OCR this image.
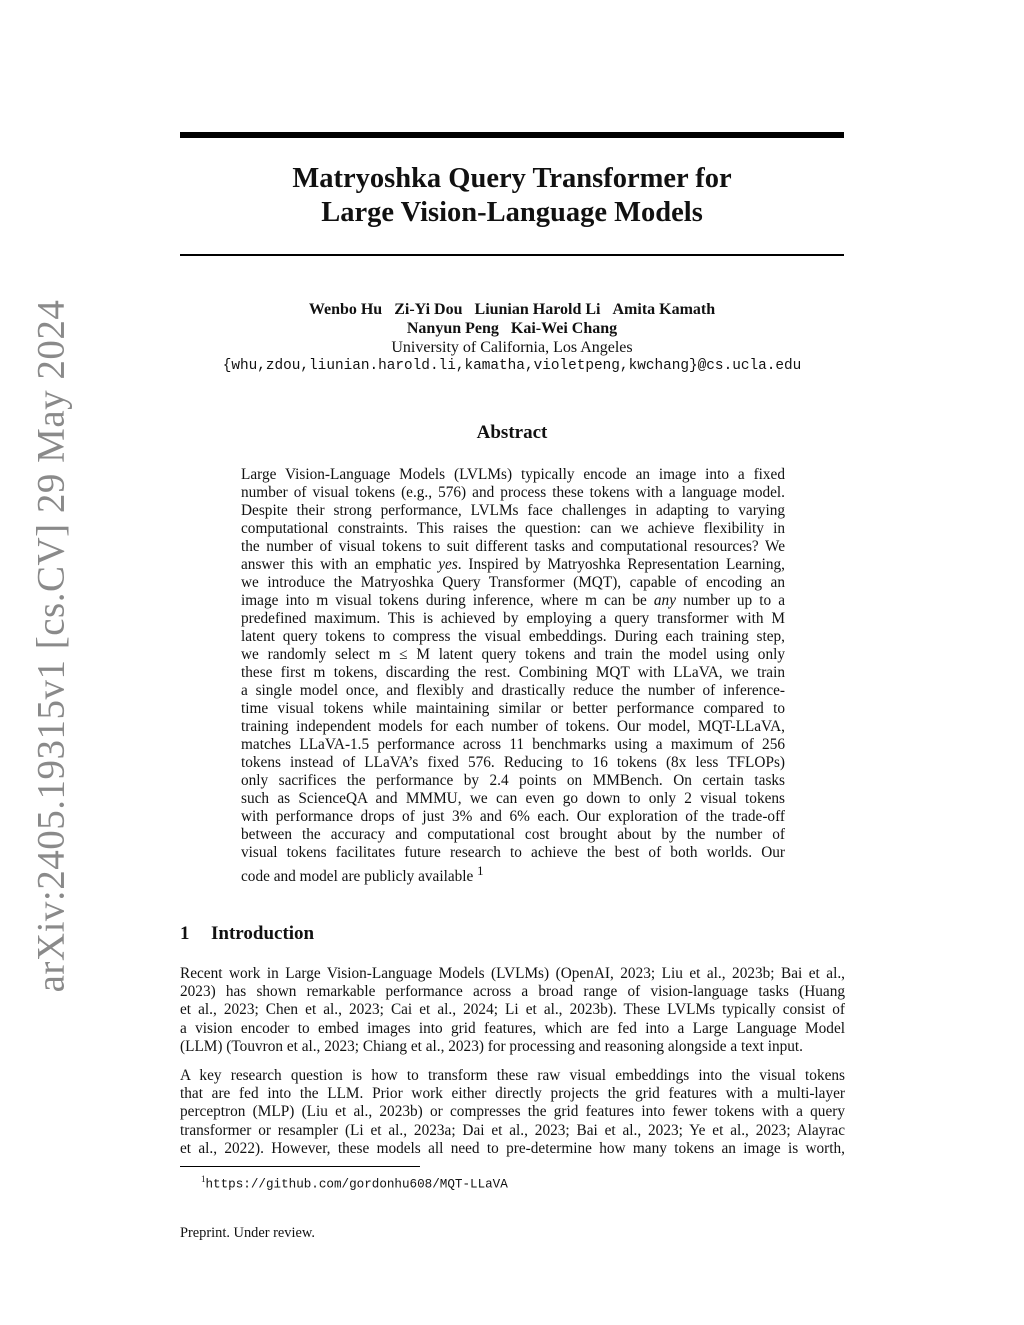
arXiv:2405.19315v1 [cs.CV] 29 May 2024
Matryoshka Query Transformer for
Large Vision-Language Models
Wenbo Hu Zi-Yi Dou Liunian Harold Li Amita Kamath
Nanyun Peng Kai-Wei Chang
University of California, Los Angeles
{whu,zdou,liunian.harold.li,kamatha,violetpeng,kwchang}@cs.ucla.edu
Abstract
Large Vision-Language Models (LVLMs) typically encode an image into a fixed
number of visual tokens (e.g., 576) and process these tokens with a language model.
Despite their strong performance, LVLMs face challenges in adapting to varying
computational constraints. This raises the question: can we achieve flexibility in
the number of visual tokens to suit different tasks and computational resources? We
answer this with an emphatic yes. Inspired by Matryoshka Representation Learning,
we introduce the Matryoshka Query Transformer (MQT), capable of encoding an
image into m visual tokens during inference, where m can be any number up to a
predefined maximum. This is achieved by employing a query transformer with M
latent query tokens to compress the visual embeddings. During each training step,
we randomly select m ≤ M latent query tokens and train the model using only
these first m tokens, discarding the rest. Combining MQT with LLaVA, we train
a single model once, and flexibly and drastically reduce the number of inference-
time visual tokens while maintaining similar or better performance compared to
training independent models for each number of tokens. Our model, MQT-LLaVA,
matches LLaVA-1.5 performance across 11 benchmarks using a maximum of 256
tokens instead of LLaVA’s fixed 576. Reducing to 16 tokens (8x less TFLOPs)
only sacrifices the performance by 2.4 points on MMBench. On certain tasks
such as ScienceQA and MMMU, we can even go down to only 2 visual tokens
with performance drops of just 3% and 6% each. Our exploration of the trade-off
between the accuracy and computational cost brought about by the number of
visual tokens facilitates future research to achieve the best of both worlds. Our
code and model are publicly available $^1$
1 Introduction
Recent work in Large Vision-Language Models (LVLMs) (OpenAI, 2023; Liu et al., 2023b; Bai et al.,
2023) has shown remarkable performance across a broad range of vision-language tasks (Huang
et al., 2023; Chen et al., 2023; Cai et al., 2024; Li et al., 2023b). These LVLMs typically consist of
a vision encoder to embed images into grid features, which are fed into a Large Language Model
(LLM) (Touvron et al., 2023; Chiang et al., 2023) for processing and reasoning alongside a text input.
A key research question is how to transform these raw visual embeddings into the visual tokens
that are fed into the LLM. Prior work either directly projects the grid features with a multi-layer
perceptron (MLP) (Liu et al., 2023b) or compresses the grid features into fewer tokens with a query
transformer or resampler (Li et al., 2023a; Dai et al., 2023; Bai et al., 2023; Ye et al., 2023; Alayrac
et al., 2022). However, these models all need to pre-determine how many tokens an image is worth,
$^1$https://github.com/gordonhu608/MQT-LLaVA
Preprint. Under review.
